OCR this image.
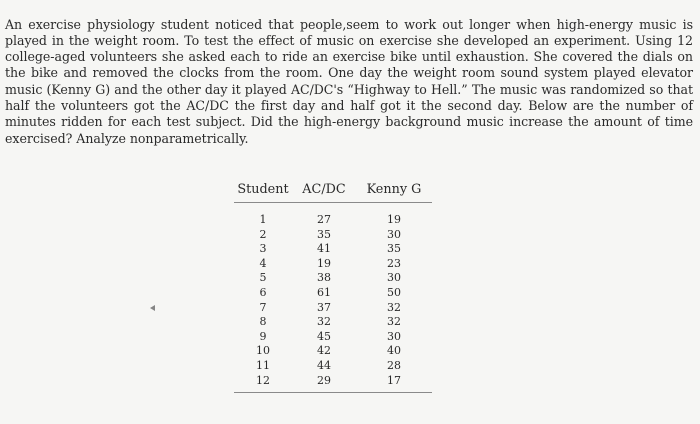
An exercise physiology student noticed that people,seem to work out longer when high-energy music is played in the weight room. To test the effect of music on exercise she developed an experiment. Using 12 college-aged volunteers she asked each to ride an exercise bike until exhaustion. She covered the dials on the bike and removed the clocks from the room. One day the weight room sound system played elevator music (Kenny G) and the other day it played AC/DC's “Highway to Hell.” The music was randomized so that half the volunteers got the AC/DC the first day and half got it the second day. Below are the number of minutes ridden for each test subject. Did the high-energy background music increase the amount of time exercised? Analyze nonparametrically.

Student	AC/DC	Kenny G
1	27	19
2	35	30
3	41	35
4	19	23
5	38	30
6	61	50
7	37	32
8	32	32
9	45	30
10	42	40
11	44	28
12	29	17
